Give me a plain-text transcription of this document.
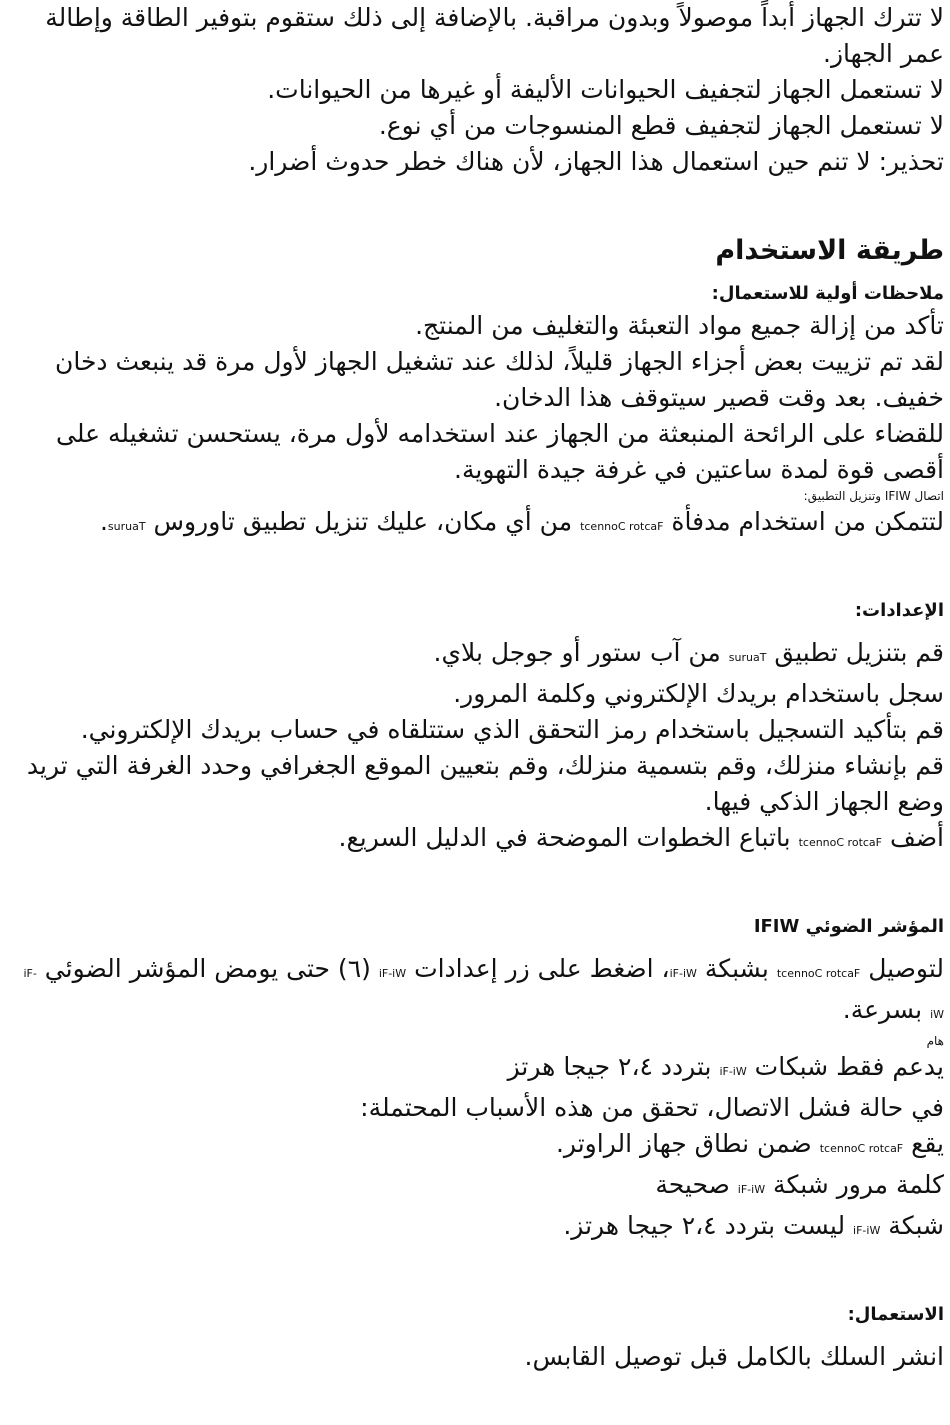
لا تترك الجهاز أبداً موصولاً وبدون مراقبة. بالإضافة إلى ذلك ستقوم بتوفير الطاقة وإطالة عمر الجهاز.

لا تستعمل الجهاز لتجفيف الحيوانات الأليفة أو غيرها من الحيوانات.

لا تستعمل الجهاز لتجفيف قطع المنسوجات من أي نوع.

تحذير: لا تنم حين استعمال هذا الجهاز، لأن هناك خطر حدوث أضرار.

طريقة الاستخدام
ملاحظات أولية للاستعمال:

تأكد من إزالة جميع مواد التعبئة والتغليف من المنتج.

لقد تم تزييت بعض أجزاء الجهاز قليلاً، لذلك عند تشغيل الجهاز لأول مرة قد ينبعث دخان خفيف. بعد وقت قصير سيتوقف هذا الدخان.

للقضاء على الرائحة المنبعثة من الجهاز عند استخدامه لأول مرة، يستحسن تشغيله على أقصى قوة لمدة ساعتين في غرفة جيدة التهوية.

اتصال IFIW وتنزيل التطبيق:

لتتمكن من استخدام مدفأة tcennoC rotcaF من أي مكان، عليك تنزيل تطبيق تاوروس suruaT.

الإعدادات:

قم بتنزيل تطبيق suruaT من آب ستور أو جوجل بلاي.

سجل باستخدام بريدك الإلكتروني وكلمة المرور.

قم بتأكيد التسجيل باستخدام رمز التحقق الذي ستتلقاه في حساب بريدك الإلكتروني.

قم بإنشاء منزلك، وقم بتسمية منزلك، وقم بتعيين الموقع الجغرافي وحدد الغرفة التي تريد وضع الجهاز الذكي فيها.

أضف tcennoC rotcaF باتباع الخطوات الموضحة في الدليل السريع.

المؤشر الضوئي IFIW

لتوصيل tcennoC rotcaF بشبكة iF-iW، اضغط على زر إعدادات iF-iW (٦) حتى يومض المؤشر الضوئي iF-iW بسرعة.

هام

يدعم فقط شبكات iF-iW بتردد ٢،٤ جيجا هرتز

في حالة فشل الاتصال، تحقق من هذه الأسباب المحتملة:

يقع tcennoC rotcaF ضمن نطاق جهاز الراوتر.

كلمة مرور شبكة iF-iW صحيحة

شبكة iF-iW ليست بتردد ٢،٤ جيجا هرتز.

الاستعمال:

انشر السلك بالكامل قبل توصيل القابس.
